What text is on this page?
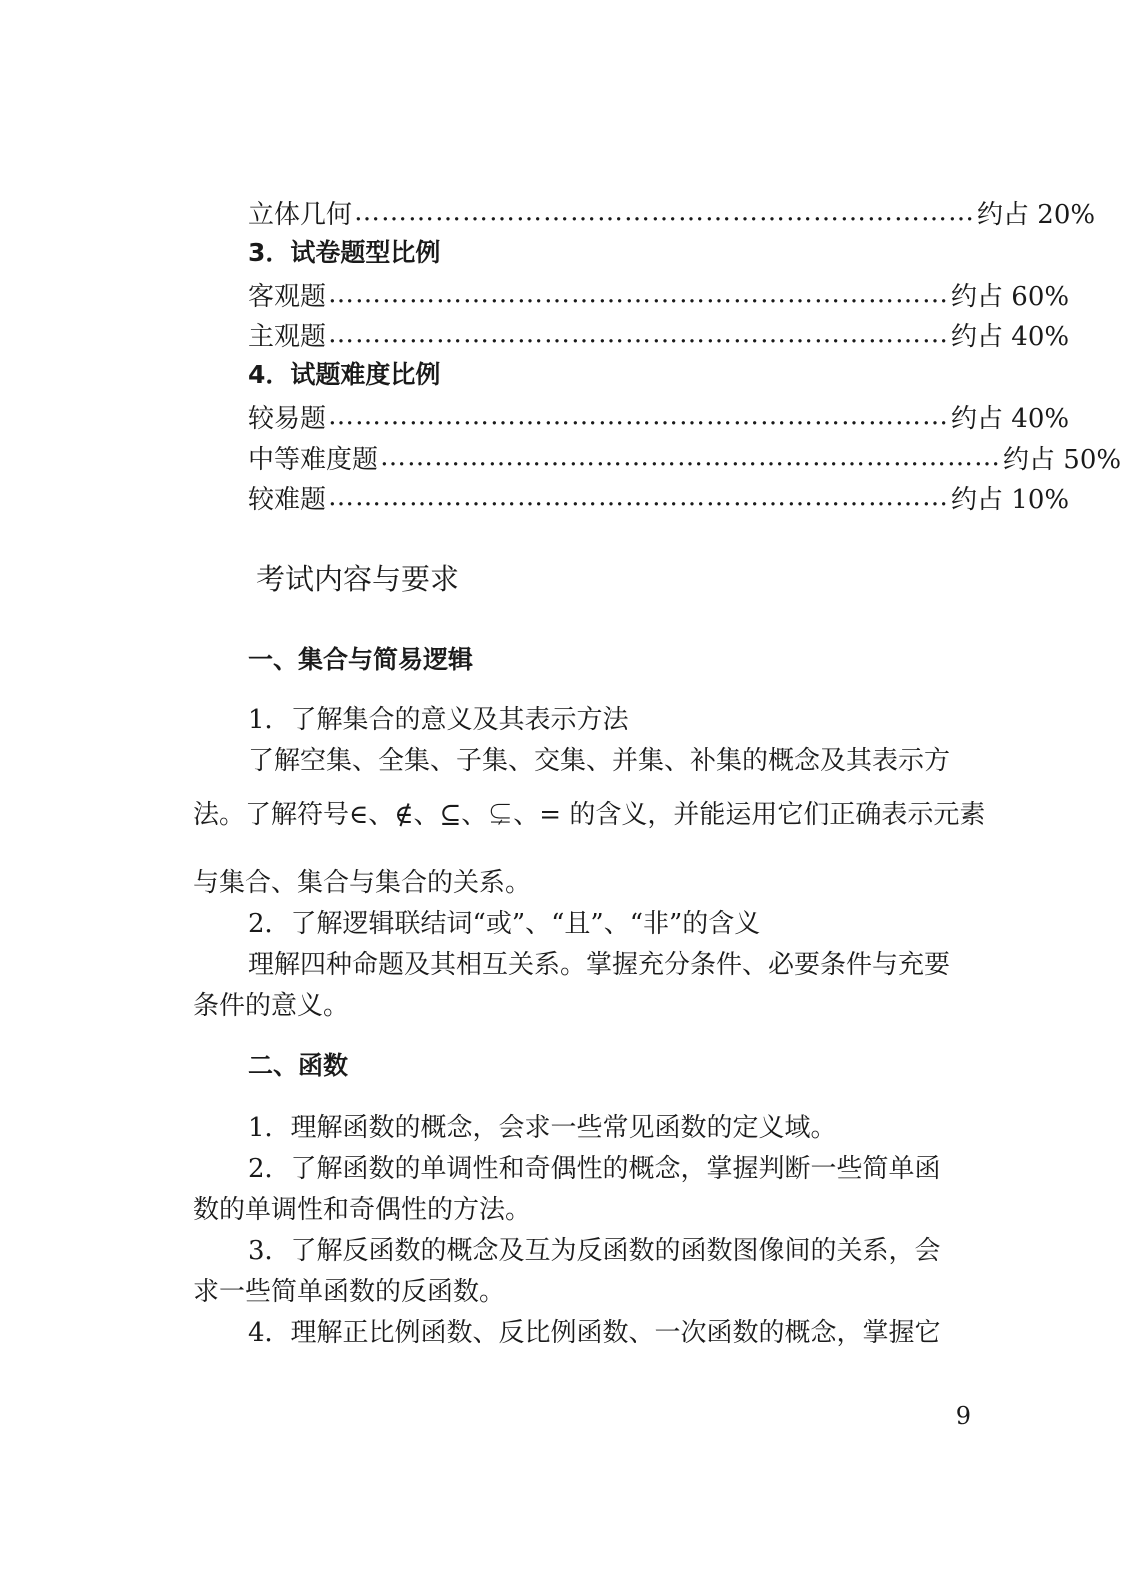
立体几何 …………………………………………………………… 约占 20%
3．试卷题型比例
客观题 …………………………………………………………… 约占 60%
主观题 …………………………………………………………… 约占 40%
4．试题难度比例
较易题 …………………………………………………………… 约占 40%
中等难度题 …………………………………………………………… 约占 50%
较难题 …………………………………………………………… 约占 10%
考试内容与要求
一、集合与简易逻辑
1．了解集合的意义及其表示方法
了解空集、全集、子集、交集、并集、补集的概念及其表示方
法。了解符号∈、∉、⊆、⊊、= 的含义，并能运用它们正确表示元素
与集合、集合与集合的关系。
2．了解逻辑联结词“或”、“且”、“非”的含义
理解四种命题及其相互关系。掌握充分条件、必要条件与充要
条件的意义。
二、函数
1．理解函数的概念，会求一些常见函数的定义域。
2．了解函数的单调性和奇偶性的概念，掌握判断一些简单函
数的单调性和奇偶性的方法。
3．了解反函数的概念及互为反函数的函数图像间的关系，会
求一些简单函数的反函数。
4．理解正比例函数、反比例函数、一次函数的概念，掌握它
9
